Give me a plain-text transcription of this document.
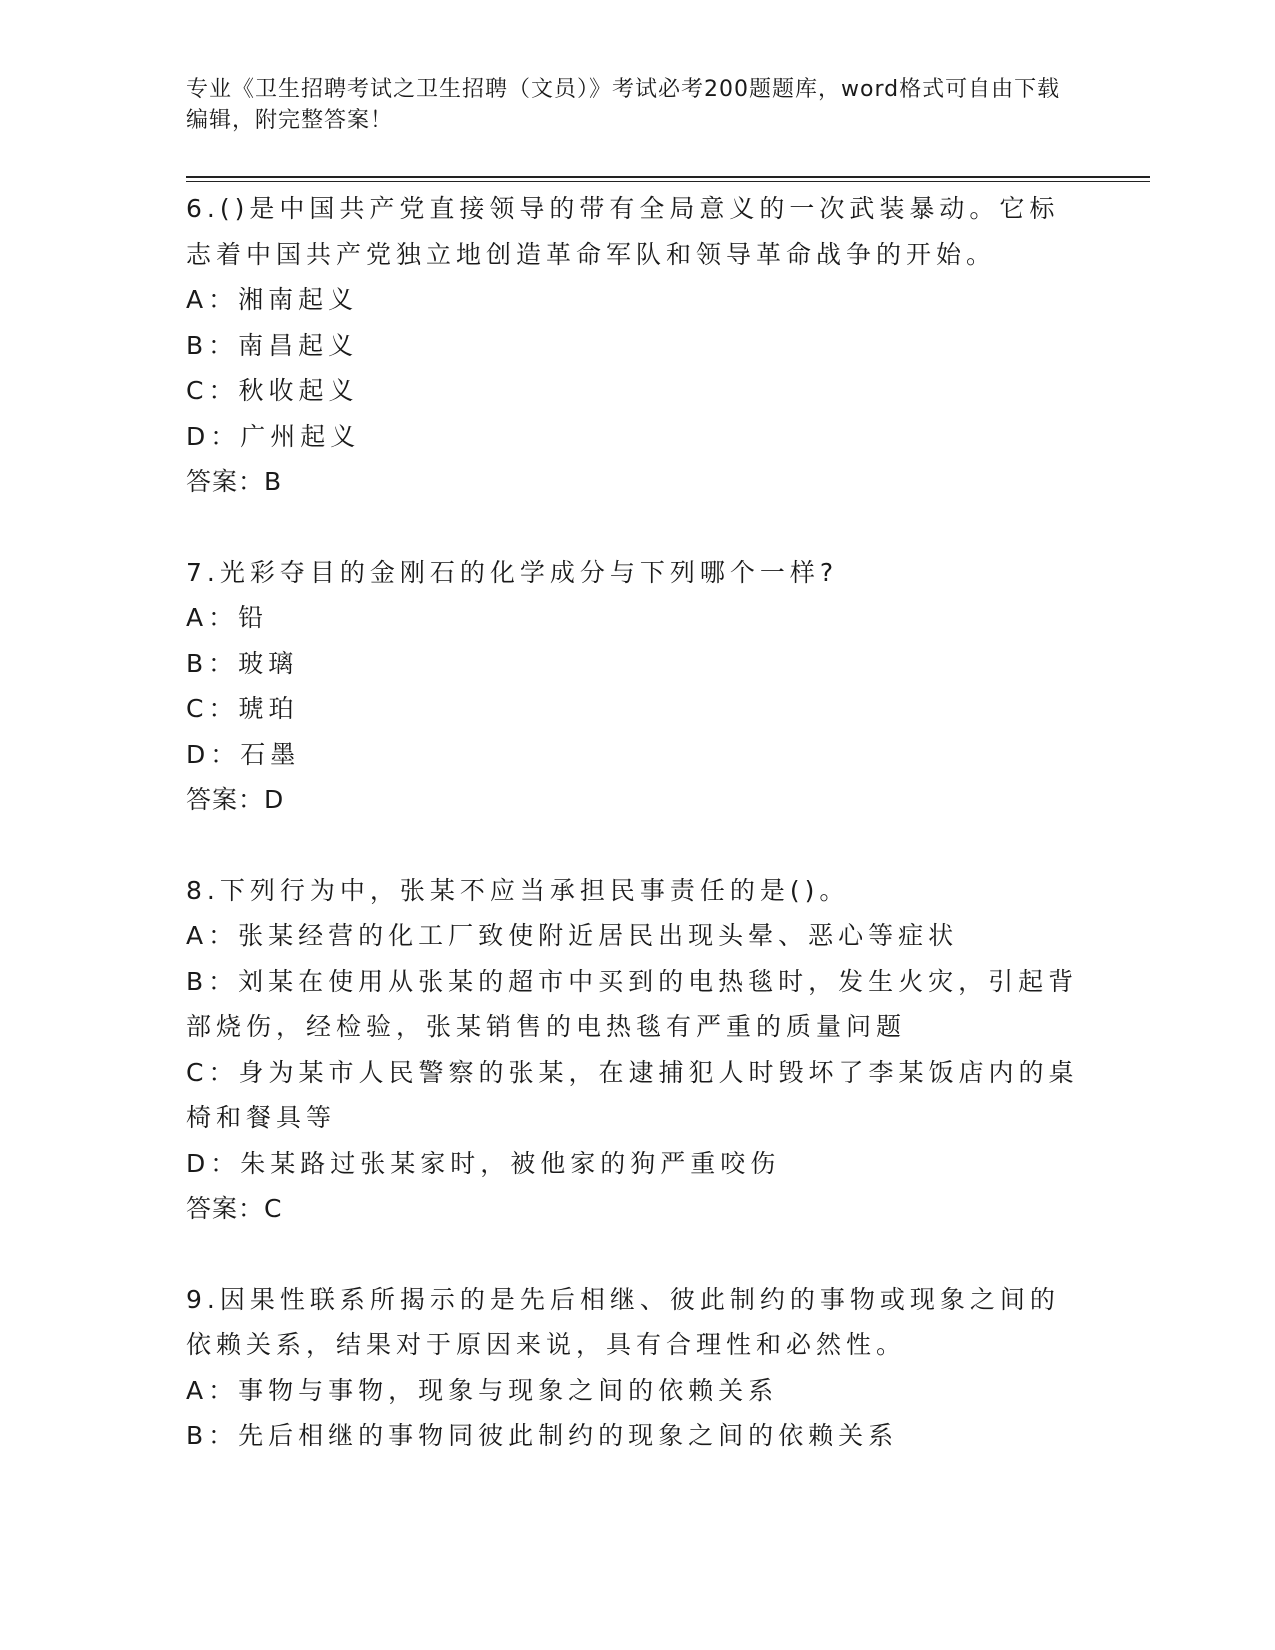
专业《卫生招聘考试之卫生招聘（文员）》考试必考200题题库，word格式可自由下载编辑，附完整答案！

6.()是中国共产党直接领导的带有全局意义的一次武装暴动。它标志着中国共产党独立地创造革命军队和领导革命战争的开始。

A：湘南起义

B：南昌起义

C：秋收起义

D：广州起义

答案：B

7.光彩夺目的金刚石的化学成分与下列哪个一样?

A：铅

B：玻璃

C：琥珀

D：石墨

答案：D

8.下列行为中，张某不应当承担民事责任的是()。

A：张某经营的化工厂致使附近居民出现头晕、恶心等症状

B：刘某在使用从张某的超市中买到的电热毯时，发生火灾，引起背部烧伤，经检验，张某销售的电热毯有严重的质量问题

C：身为某市人民警察的张某，在逮捕犯人时毁坏了李某饭店内的桌椅和餐具等

D：朱某路过张某家时，被他家的狗严重咬伤

答案：C

9.因果性联系所揭示的是先后相继、彼此制约的事物或现象之间的依赖关系，结果对于原因来说，具有合理性和必然性。

A：事物与事物，现象与现象之间的依赖关系

B：先后相继的事物同彼此制约的现象之间的依赖关系
